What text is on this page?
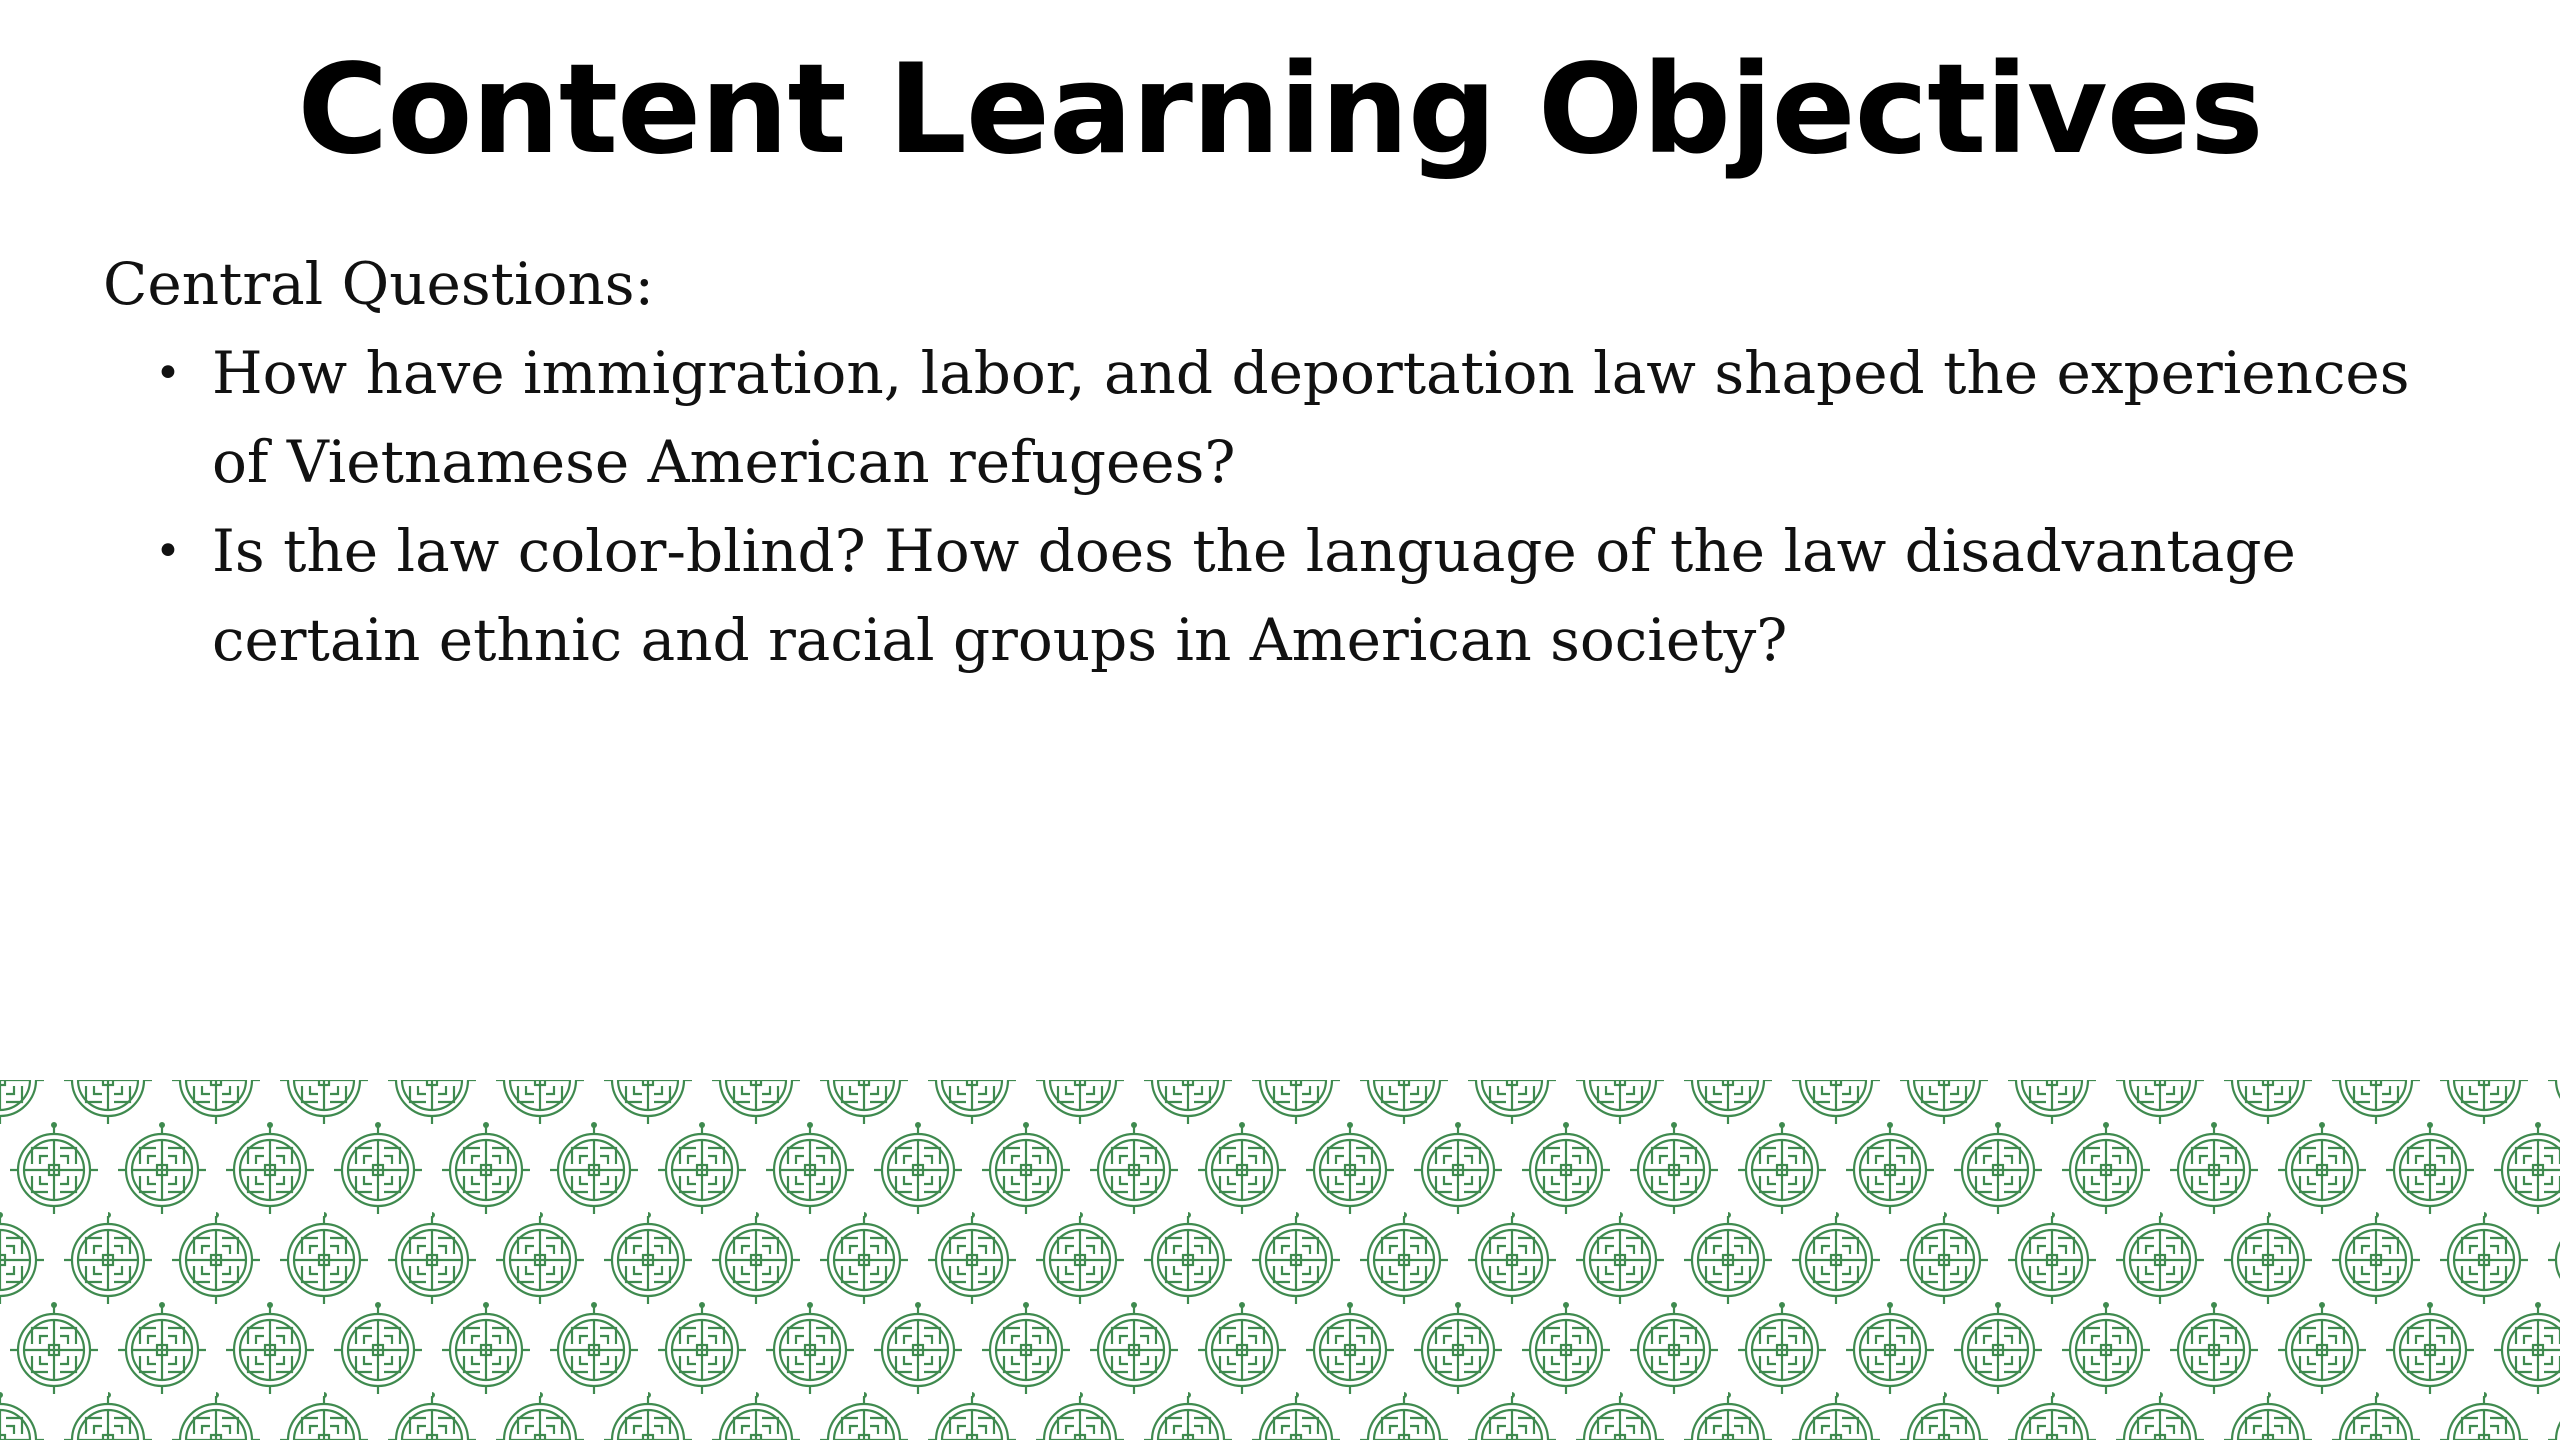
Content Learning Objectives

Central Questions:

• How have immigration, labor, and deportation law shaped the experiences of Vietnamese American refugees?
• Is the law color-blind? How does the language of the law disadvantage certain ethnic and racial groups in American society?
